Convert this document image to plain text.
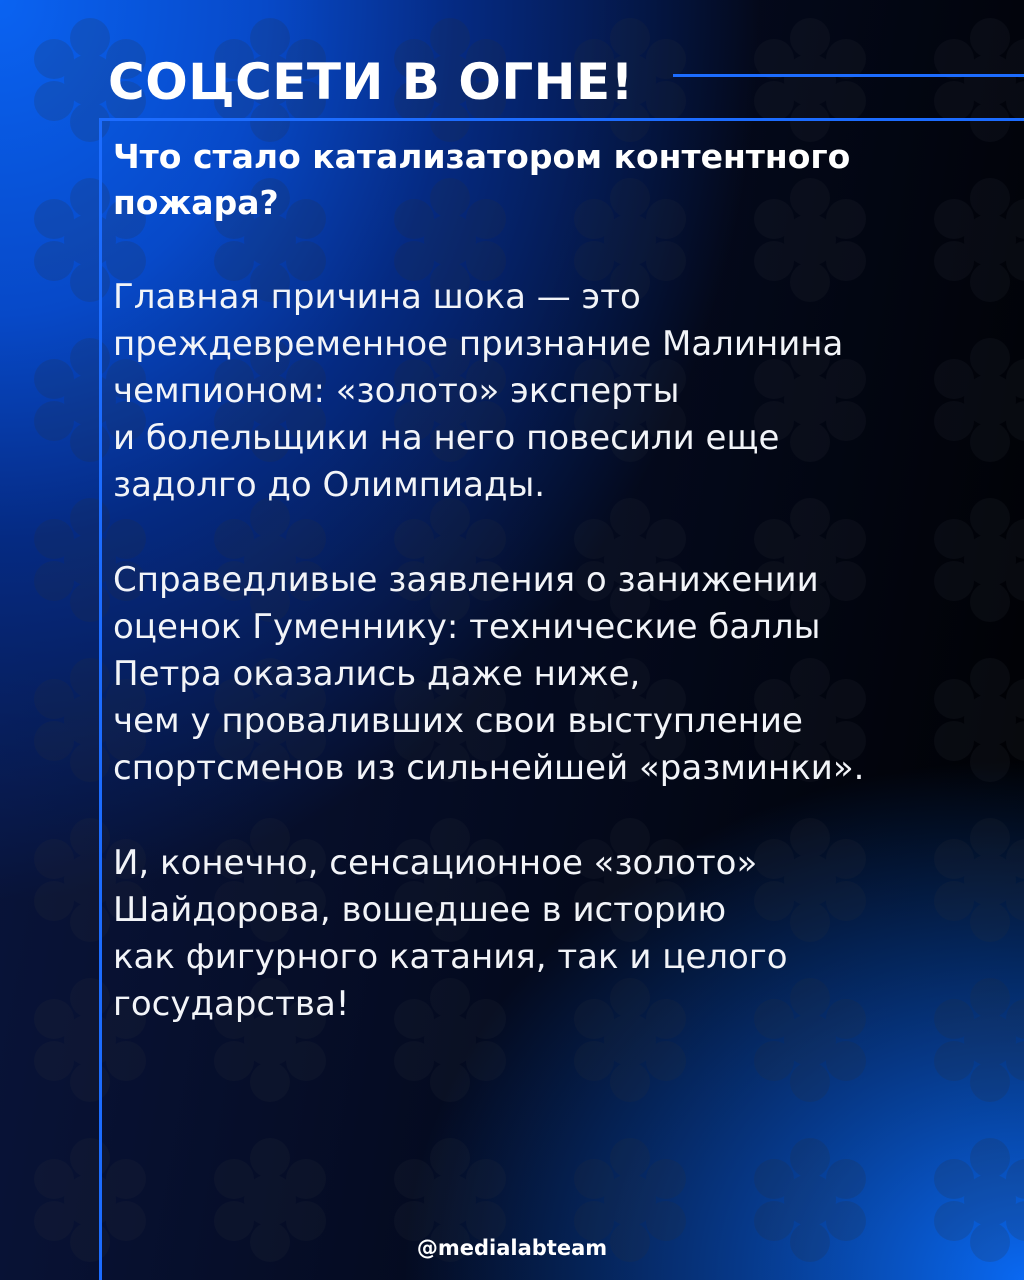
СОЦСЕТИ В ОГНЕ!
Что стало катализатором контентного пожара?

Главная причина шока — это
преждевременное признание Малинина
чемпионом: «золото» эксперты
и болельщики на него повесили еще
задолго до Олимпиады.

Справедливые заявления о занижении
оценок Гуменнику: технические баллы
Петра оказались даже ниже,
чем у проваливших свои выступление
спортсменов из сильнейшей «разминки».

И, конечно, сенсационное «золото»
Шайдорова, вошедшее в историю
как фигурного катания, так и целого
государства!

@medialabteam
